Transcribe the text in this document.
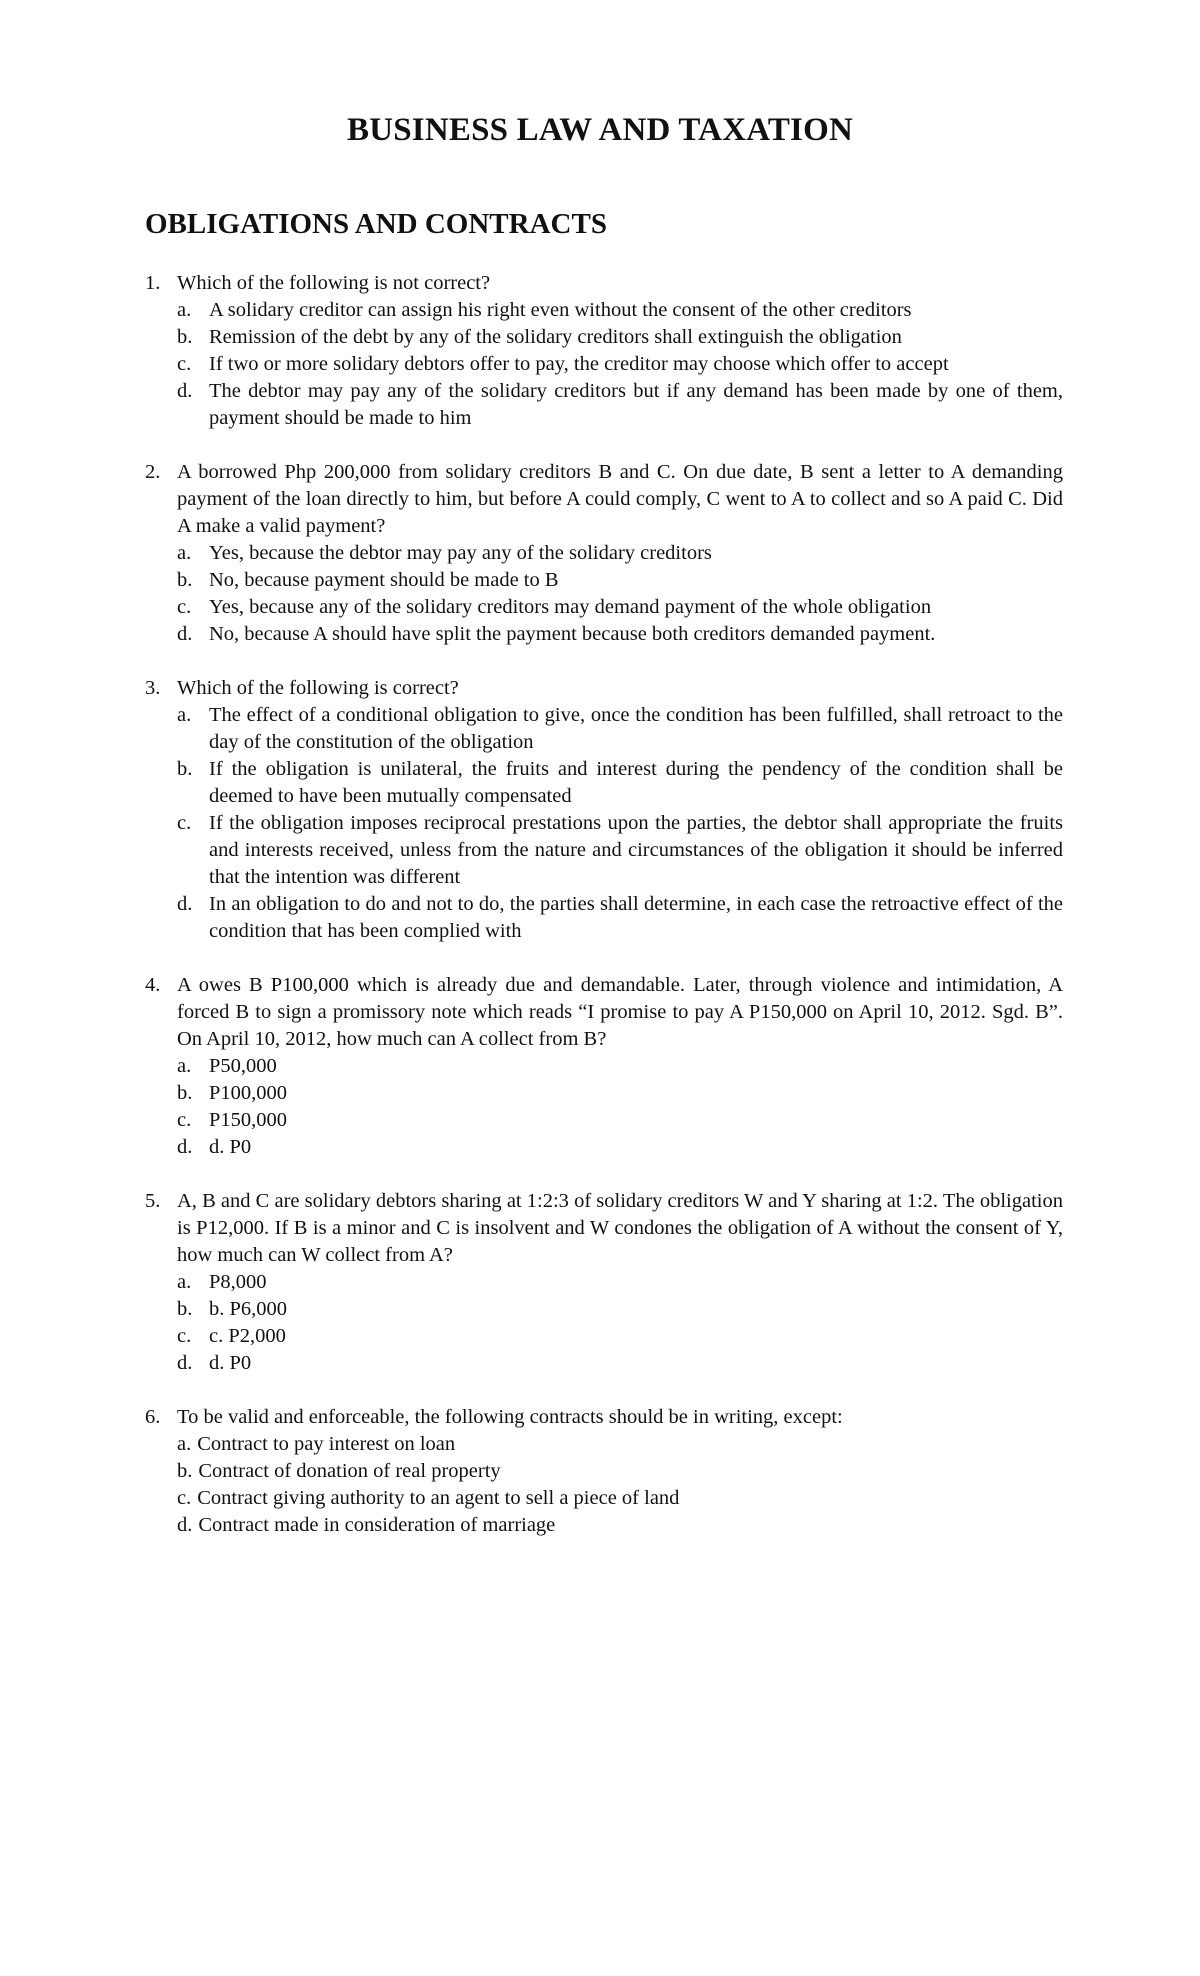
BUSINESS LAW AND TAXATION
OBLIGATIONS AND CONTRACTS
1. Which of the following is not correct?
a. A solidary creditor can assign his right even without the consent of the other creditors
b. Remission of the debt by any of the solidary creditors shall extinguish the obligation
c. If two or more solidary debtors offer to pay, the creditor may choose which offer to accept
d. The debtor may pay any of the solidary creditors but if any demand has been made by one of them, payment should be made to him
2. A borrowed Php 200,000 from solidary creditors B and C. On due date, B sent a letter to A demanding payment of the loan directly to him, but before A could comply, C went to A to collect and so A paid C. Did A make a valid payment?
a. Yes, because the debtor may pay any of the solidary creditors
b. No, because payment should be made to B
c. Yes, because any of the solidary creditors may demand payment of the whole obligation
d. No, because A should have split the payment because both creditors demanded payment.
3. Which of the following is correct?
a. The effect of a conditional obligation to give, once the condition has been fulfilled, shall retroact to the day of the constitution of the obligation
b. If the obligation is unilateral, the fruits and interest during the pendency of the condition shall be deemed to have been mutually compensated
c. If the obligation imposes reciprocal prestations upon the parties, the debtor shall appropriate the fruits and interests received, unless from the nature and circumstances of the obligation it should be inferred that the intention was different
d. In an obligation to do and not to do, the parties shall determine, in each case the retroactive effect of the condition that has been complied with
4. A owes B P100,000 which is already due and demandable. Later, through violence and intimidation, A forced B to sign a promissory note which reads “I promise to pay A P150,000 on April 10, 2012. Sgd. B”. On April 10, 2012, how much can A collect from B?
a. P50,000
b. P100,000
c. P150,000
d. d. P0
5. A, B and C are solidary debtors sharing at 1:2:3 of solidary creditors W and Y sharing at 1:2. The obligation is P12,000. If B is a minor and C is insolvent and W condones the obligation of A without the consent of Y, how much can W collect from A?
a. P8,000
b. b. P6,000
c. c. P2,000
d. d. P0
6. To be valid and enforceable, the following contracts should be in writing, except:
a. Contract to pay interest on loan
b. Contract of donation of real property
c. Contract giving authority to an agent to sell a piece of land
d. Contract made in consideration of marriage
